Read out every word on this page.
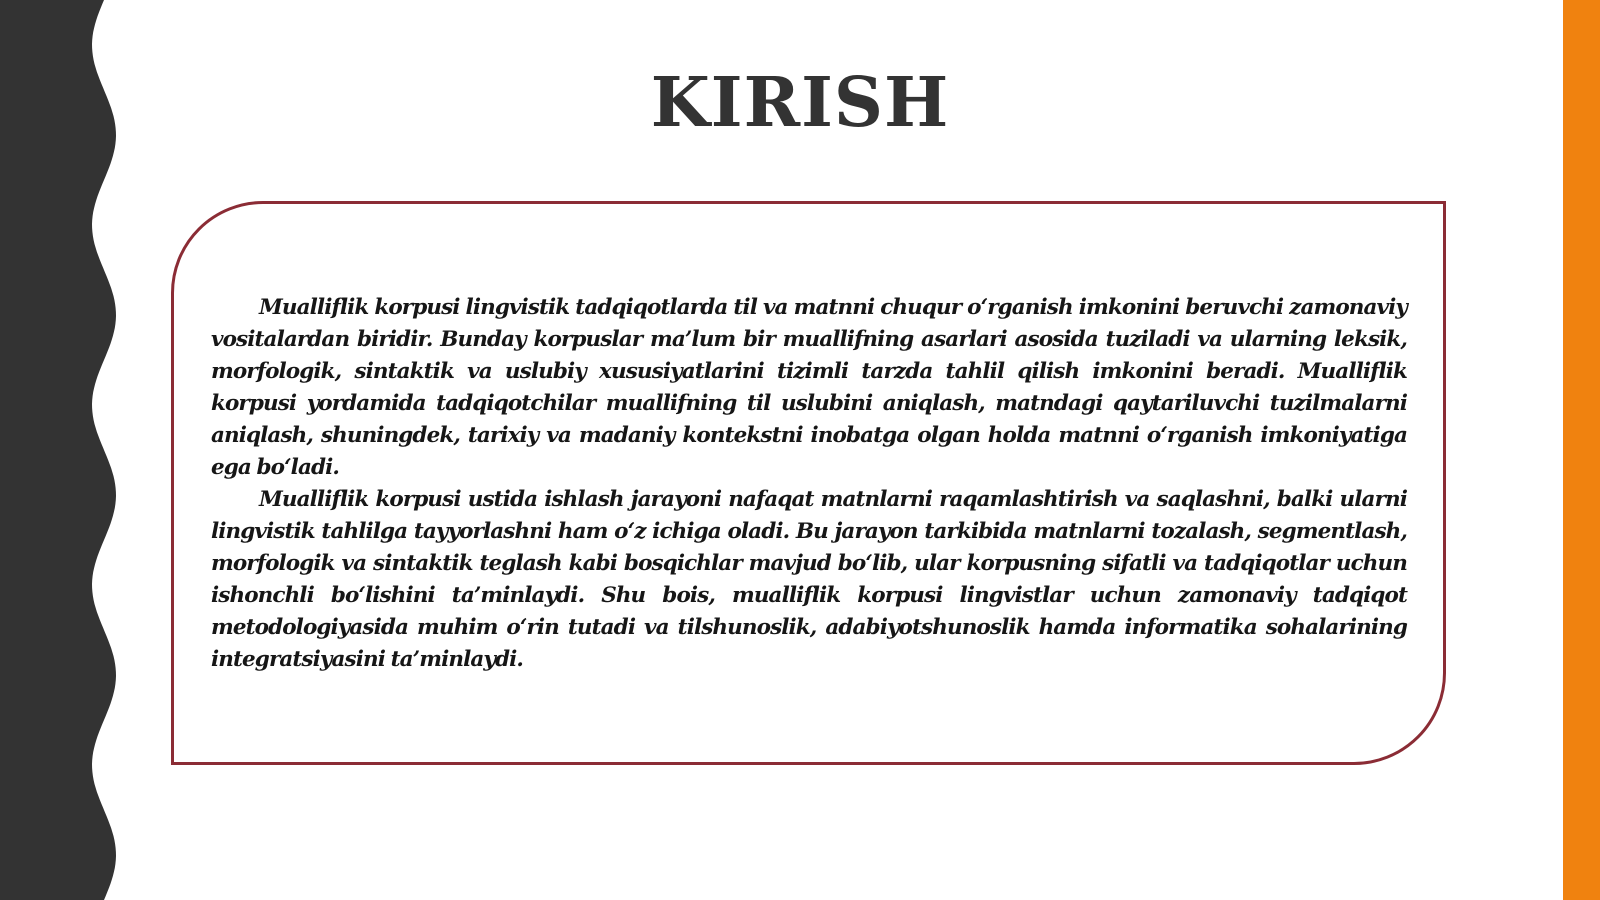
KIRISH

Mualliflik korpusi lingvistik tadqiqotlarda til va matnni chuqur o‘rganish imkonini beruvchi zamonaviy vositalardan biridir. Bunday korpuslar ma’lum bir muallifning asarlari asosida tuziladi va ularning leksik, morfologik, sintaktik va uslubiy xususiyatlarini tizimli tarzda tahlil qilish imkonini beradi. Mualliflik korpusi yordamida tadqiqotchilar muallifning til uslubini aniqlash, matndagi qaytariluvchi tuzilmalarni aniqlash, shuningdek, tarixiy va madaniy kontekstni inobatga olgan holda matnni o‘rganish imkoniyatiga ega bo‘ladi.

Mualliflik korpusi ustida ishlash jarayoni nafaqat matnlarni raqamlashtirish va saqlashni, balki ularni lingvistik tahlilga tayyorlashni ham o‘z ichiga oladi. Bu jarayon tarkibida matnlarni tozalash, segmentlash, morfologik va sintaktik teglash kabi bosqichlar mavjud bo‘lib, ular korpusning sifatli va tadqiqotlar uchun ishonchli bo‘lishini ta’minlaydi. Shu bois, mualliflik korpusi lingvistlar uchun zamonaviy tadqiqot metodologiyasida muhim o‘rin tutadi va tilshunoslik, adabiyotshunoslik hamda informatika sohalarining integratsiyasini ta’minlaydi.
